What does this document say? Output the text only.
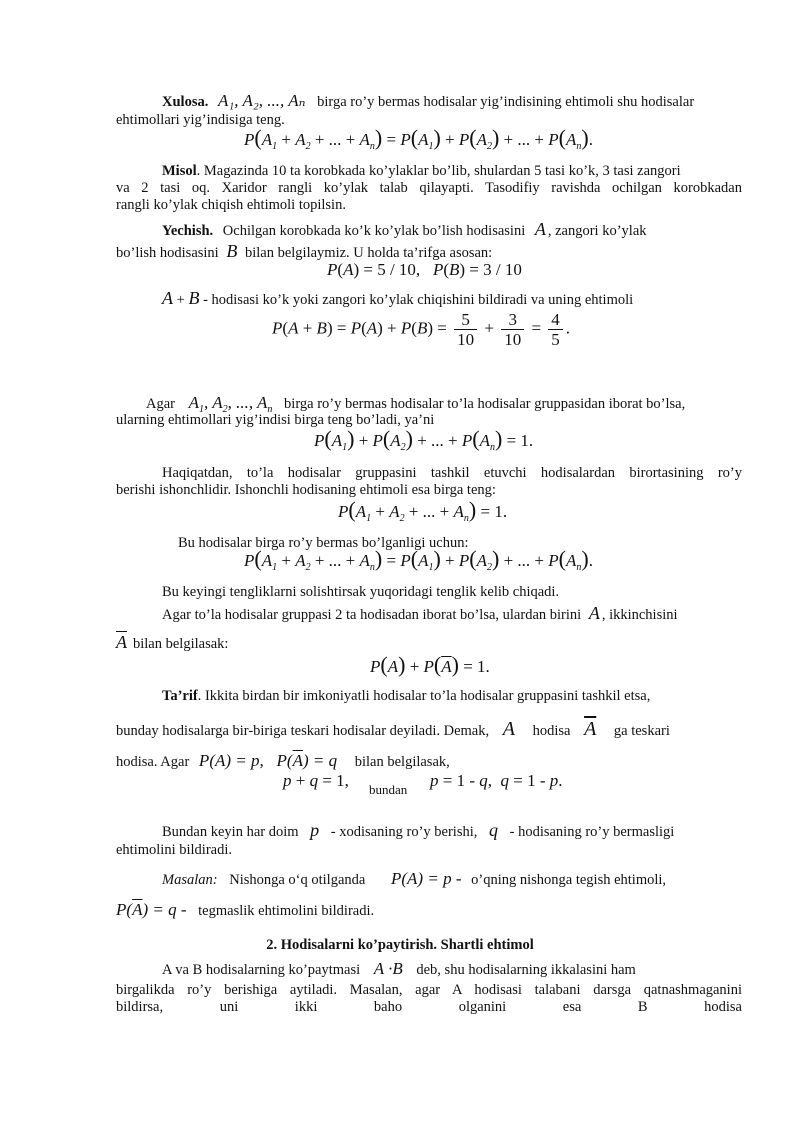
Xulosa. A₁, A₂, ..., Aₙ birga ro’y bermas hodisalar yig’indisining ehtimoli shu hodisalar
ehtimollari yig’indisiga teng.
$P(A_1 + A_2$ + ... + $A_n) = P(A_1) + P(A_2)$ + ... + $P(A_n)$.
Misol. Magazinda 10 ta korobkada ko’ylaklar bo’lib, shulardan 5 tasi ko’k, 3 tasi zangori
va 2 tasi oq. Xaridor rangli ko’ylak talab qilayapti. Tasodifiy ravishda ochilgan korobkadan
rangli ko’ylak chiqish ehtimoli topilsin.
Yechish. Ochilgan korobkada ko’k ko’ylak bo’lish hodisasini A , zangori ko’ylak
bo’lish hodisasini B bilan belgilaymiz. U holda ta’rifga asosan:
P(A) = 5 / 10,   P(B) = 3 / 10
A + B - hodisasi ko’k yoki zangori ko’ylak chiqishini bildiradi va uning ehtimoli
$P(A + B) = P(A) + P(B) = \frac{5}{10} + \frac{3}{10} = \frac{4}{5}$ .
Agar $A_1$, $A_2$, ..., $A_n$ birga ro’y bermas hodisalar to’la hodisalar gruppasidan iborat bo’lsa,
ularning ehtimollari yig’indisi birga teng bo’ladi, ya’ni
$P(A_1) + P(A_2)$ + ... + $P(A_n) = 1$.
Haqiqatdan, to’la hodisalar gruppasini tashkil etuvchi hodisalardan birortasining ro’y
berishi ishonchlidir. Ishonchli hodisaning ehtimoli esa birga teng:
$P(A_1 + A_2$ + ... + $A_n) = 1$.
Bu hodisalar birga ro’y bermas bo’lganligi uchun:
$P(A_1 + A_2$ + ... + $A_n) = P(A_1) + P(A_2)$ + ... + $P(A_n)$.
Bu keyingi tengliklarni solishtirsak yuqoridagi tenglik kelib chiqadi.
Agar to’la hodisalar gruppasi 2 ta hodisadan iborat bo’lsa, ulardan birini A , ikkinchisini
$\overline{A}$ bilan belgilasak:
$P(A) + P(\overline{A}) = 1$.
Ta’rif. Ikkita birdan bir imkoniyatli hodisalar to’la hodisalar gruppasini tashkil etsa,
bunday hodisalarga bir-biriga teskari hodisalar deyiladi. Demak, A hodisa $\overline{A}$ ga teskari
hodisa. Agar P(A) = p,   $P(\overline{A}) = q$ bilan belgilasak,
p + q = 1, bundan p = 1 - q,  q = 1 - p.
Bundan keyin har doim p - xodisaning ro’y berishi, q - hodisaning ro’y bermasligi
ehtimolini bildiradi.
Masalan: Nishonga o‘q otilganda P(A) = p - o’qning nishonga tegish ehtimoli,
$P(\overline{A}) = q$ - tegmaslik ehtimolini bildiradi.
2. Hodisalarni ko’paytirish. Shartli ehtimol
A va B hodisalarning ko’paytmasi A ·B deb, shu hodisalarning ikkalasini ham
birgalikda ro’y berishiga aytiladi. Masalan, agar A hodisasi talabani darsga qatnashmaganini
bildirsa, uni ikki baho olganini esa B hodisa
